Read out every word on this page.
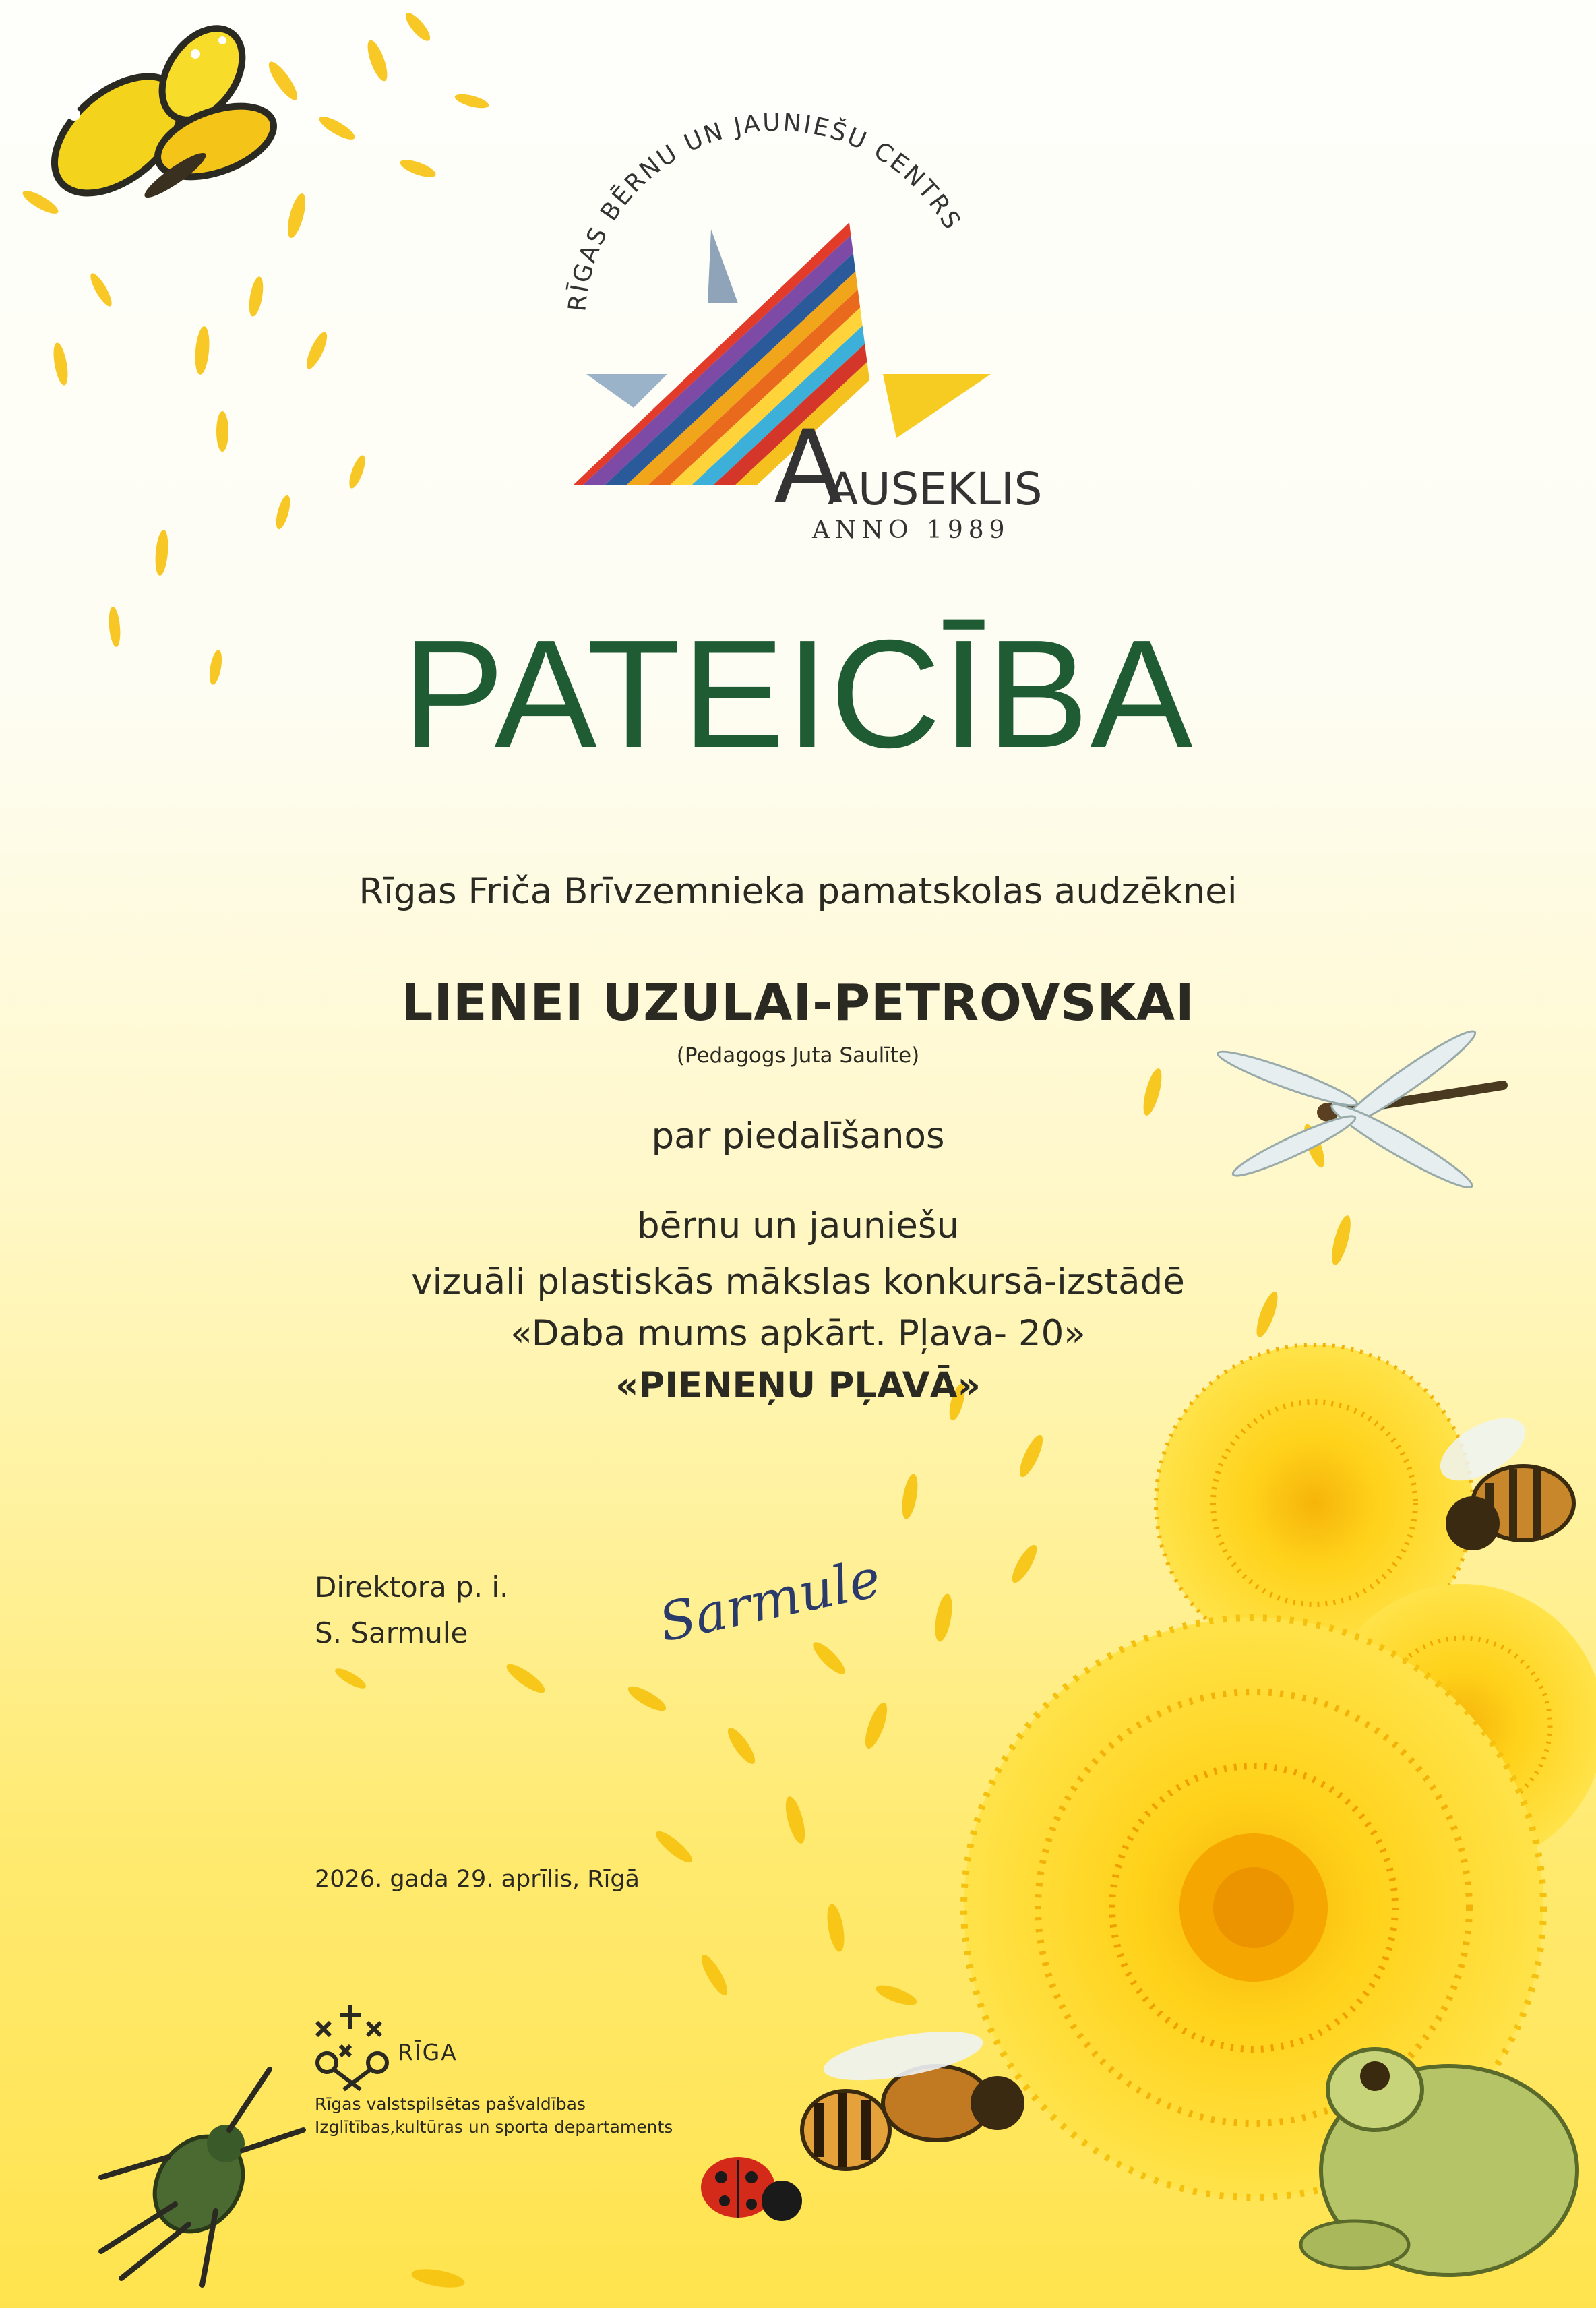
RĪGAS BĒRNU UN JAUNIEŠU CENTRS
A
AUSEKLIS
ANNO 1989
Sarmule
PATEICĪBA
Rīgas Friča Brīvzemnieka pamatskolas audzēknei
LIENEI UZULAI-PETROVSKAI
(Pedagogs Juta Saulīte)
par piedalīšanos
bērnu un jauniešu
vizuāli plastiskās mākslas konkursā-izstādē
«Daba mums apkārt. Pļava- 20»
«PIENEŅU PĻAVĀ»
Direktora p. i.
S. Sarmule
2026. gada 29. aprīlis, Rīgā
RĪGA
Rīgas valstspilsētas pašvaldības
Izglītības,kultūras un sporta departaments
